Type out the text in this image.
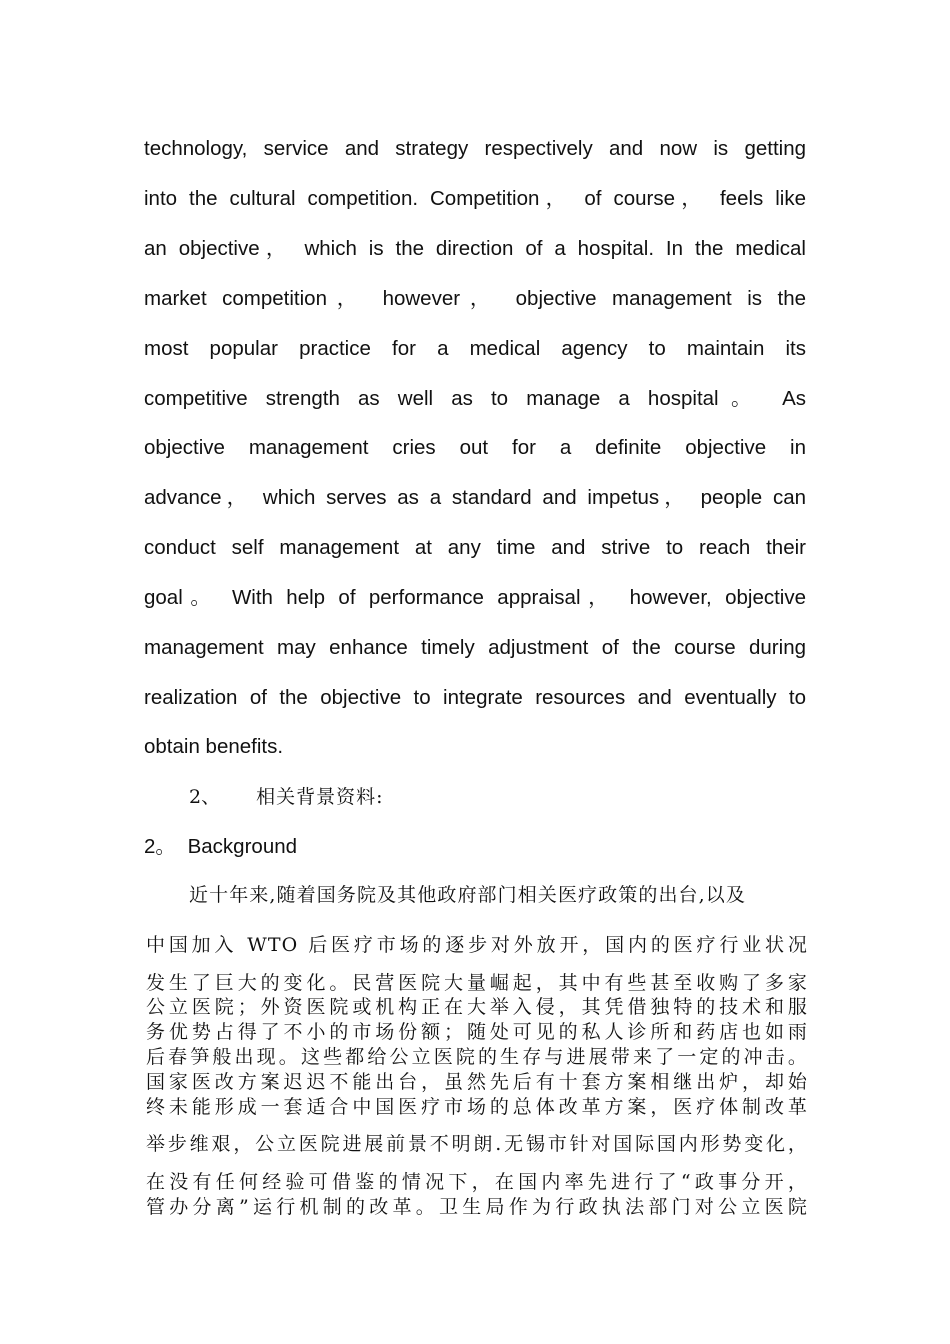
technology, service and strategy respectively and now is getting
into the cultural competition. Competition， of course， feels like
an objective， which is the direction of a hospital. In the medical
market competition， however， objective management is the
most popular practice for a medical agency to maintain its
competitive strength as well as to manage a hospital。 As
objective management cries out for a definite objective in
advance， which serves as a standard and impetus， people can
conduct self management at any time and strive to reach their
goal。 With help of performance appraisal， however, objective
management may enhance timely adjustment of the course during
realization of the objective to integrate resources and eventually to
obtain benefits.
2、 相关背景资料:
2。 Background
近十年来,随着国务院及其他政府部门相关医疗政策的出台,以及
中国加入 WTO 后医疗市场的逐步对外放开，国内的医疗行业状况
发生了巨大的变化。民营医院大量崛起，其中有些甚至收购了多家
公立医院；外资医院或机构正在大举入侵，其凭借独特的技术和服
务优势占得了不小的市场份额；随处可见的私人诊所和药店也如雨
后春笋般出现。这些都给公立医院的生存与进展带来了一定的冲击。
国家医改方案迟迟不能出台，虽然先后有十套方案相继出炉，却始
终未能形成一套适合中国医疗市场的总体改革方案，医疗体制改革
举步维艰，公立医院进展前景不明朗.无锡市针对国际国内形势变化，
在没有任何经验可借鉴的情况下，在国内率先进行了“政事分开，
管办分离”运行机制的改革。卫生局作为行政执法部门对公立医院
